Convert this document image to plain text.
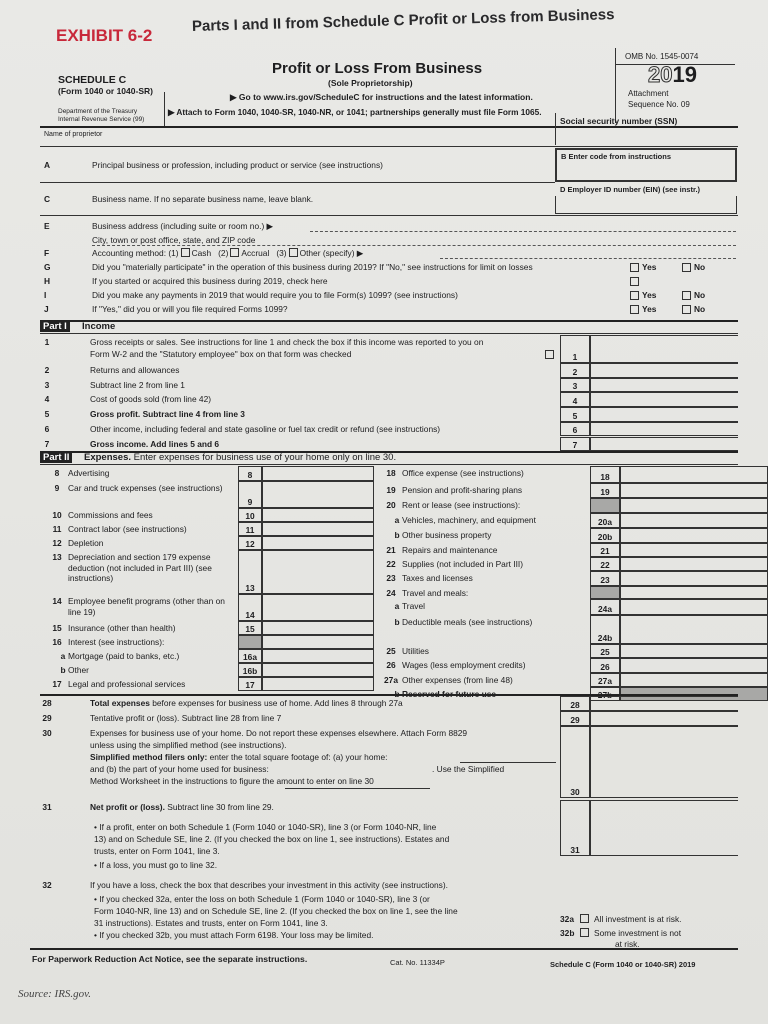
EXHIBIT 6-2
Parts I and II from Schedule C Profit or Loss from Business
SCHEDULE C
(Form 1040 or 1040-SR)
Department of the Treasury
Internal Revenue Service (99)
Profit or Loss From Business
(Sole Proprietorship)
▶ Go to www.irs.gov/ScheduleC for instructions and the latest information.
▶ Attach to Form 1040, 1040-SR, 1040-NR, or 1041; partnerships generally must file Form 1065.
OMB No. 1545-0074
2019
Attachment
Sequence No. 09
Name of proprietor
Social security number (SSN)
A	Principal business or profession, including product or service (see instructions)
B Enter code from instructions
C	Business name. If no separate business name, leave blank.
D Employer ID number (EIN) (see instr.)
E	Business address (including suite or room no.) ▶
City, town or post office, state, and ZIP code
F	Accounting method: (1) Cash (2) Accrual (3) Other (specify) ▶
G	Did you "materially participate" in the operation of this business during 2019? If "No," see instructions for limit on losses	Yes	No
H	If you started or acquired this business during 2019, check here
I	Did you make any payments in 2019 that would require you to file Form(s) 1099? (see instructions)	Yes	No
J	If "Yes," did you or will you file required Forms 1099?	Yes	No
Part I	Income
1	Gross receipts or sales. See instructions for line 1 and check the box if this income was reported to you on
Form W-2 and the "Statutory employee" box on that form was checked	1
2	Returns and allowances	2
3	Subtract line 2 from line 1	3
4	Cost of goods sold (from line 42)	4
5	Gross profit. Subtract line 4 from line 3	5
6	Other income, including federal and state gasoline or fuel tax credit or refund (see instructions)	6
7	Gross income. Add lines 5 and 6	7
Part II	Expenses. Enter expenses for business use of your home only on line 30.
8	Advertising	8
9	Car and truck expenses (see instructions)
9
10 Commissions and fees	10
11 Contract labor (see instructions)	11
12 Depletion	12
13 Depreciation and section 179 expense deduction (not included in Part III) (see instructions)
13
14 Employee benefit programs (other than on line 19)	14
15 Insurance (other than health)	15
16 Interest (see instructions):
a Mortgage (paid to banks, etc.)	16a
b Other	16b
17 Legal and professional services	17
18 Office expense (see instructions)	18
19 Pension and profit-sharing plans	19
20 Rent or lease (see instructions):
a Vehicles, machinery, and equipment	20a
b Other business property	20b
21 Repairs and maintenance	21
22 Supplies (not included in Part III)	22
23 Taxes and licenses	23
24 Travel and meals:
a Travel	24a
b Deductible meals (see instructions)
24b
25 Utilities	25
26 Wages (less employment credits)	26
27a Other expenses (from line 48)	27a
b Reserved for future use	27b
28	28
Total expenses before expenses for business use of home. Add lines 8 through 27a
29	Tentative profit or (loss). Subtract line 28 from line 7	29
30	Expenses for business use of your home. Do not report these expenses elsewhere. Attach Form 8829
unless using the simplified method (see instructions).
and (b) the part of your home used for business:	. Use the Simplified
Method Worksheet in the instructions to figure the amount to enter on line 30
30
Simplified method filers only: enter the total square footage of: (a) your home:
31
• If a profit, enter on both Schedule 1 (Form 1040 or 1040-SR), line 3 (or Form 1040-NR, line
13) and on Schedule SE, line 2. (If you checked the box on line 1, see instructions). Estates and
trusts, enter on Form 1041, line 3.
• If a loss, you must go to line 32.
31
Net profit or (loss). Subtract line 30 from line 29.
32	If you have a loss, check the box that describes your investment in this activity (see instructions).
• If you checked 32a, enter the loss on both Schedule 1 (Form 1040 or 1040-SR), line 3 (or
Form 1040-NR, line 13) and on Schedule SE, line 2. (If you checked the box on line 1, see the line
31 instructions). Estates and trusts, enter on Form 1041, line 3.
• If you checked 32b, you must attach Form 6198. Your loss may be limited.
32a All investment is at risk.
32b Some investment is not
at risk.
For Paperwork Reduction Act Notice, see the separate instructions.	Cat. No. 11334P	Schedule C (Form 1040 or 1040-SR) 2019
Source: IRS.gov.
